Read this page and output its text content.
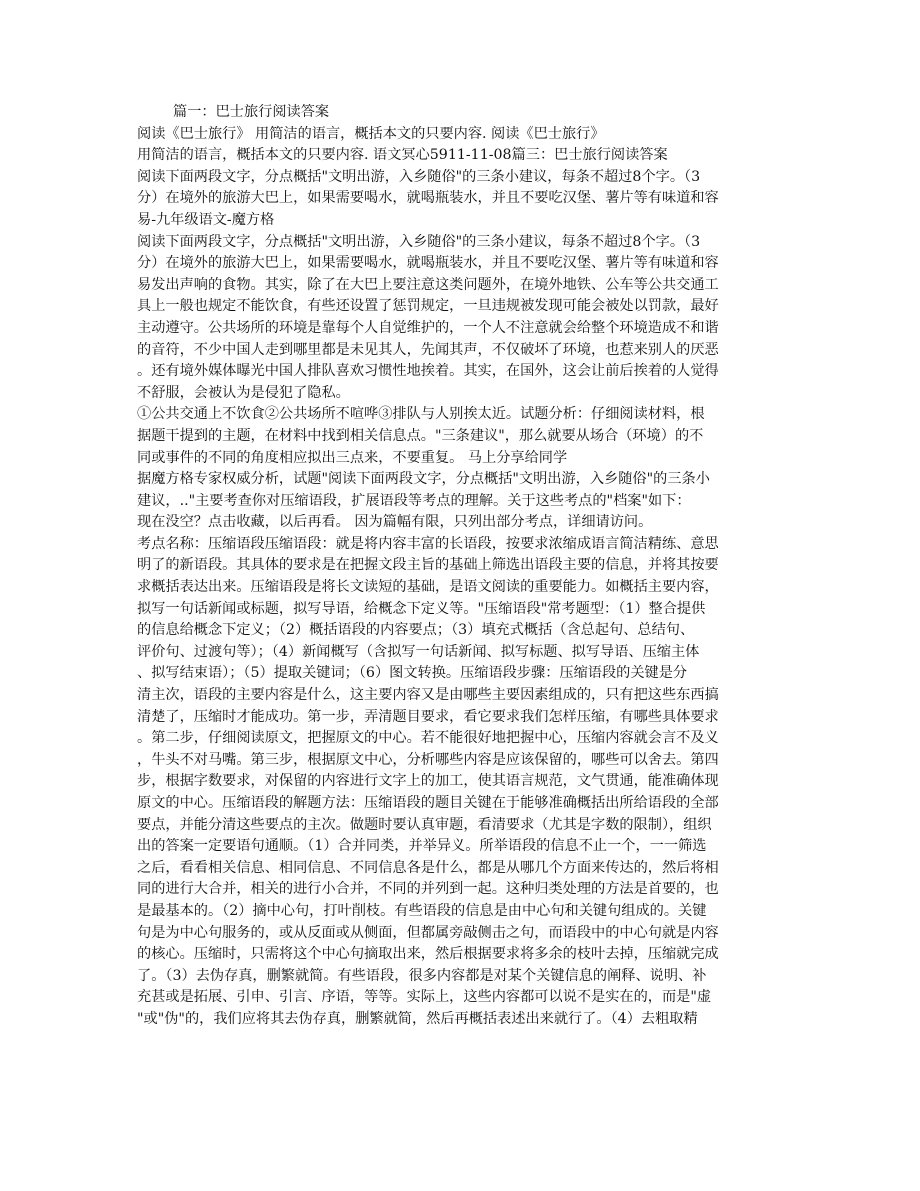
篇一：巴士旅行阅读答案
阅读《巴士旅行》 用简洁的语言，概括本文的只要内容. 阅读《巴士旅行》
用简洁的语言，概括本文的只要内容. 语文冥心5911-11-08篇三：巴士旅行阅读答案
阅读下面两段文字，分点概括"文明出游，入乡随俗"的三条小建议，每条不超过8个字。（3
分）在境外的旅游大巴上，如果需要喝水，就喝瓶装水，并且不要吃汉堡、薯片等有味道和容
易-九年级语文-魔方格
阅读下面两段文字，分点概括"文明出游，入乡随俗"的三条小建议，每条不超过8个字。（3
分）在境外的旅游大巴上，如果需要喝水，就喝瓶装水，并且不要吃汉堡、薯片等有味道和容
易发出声响的食物。其实，除了在大巴上要注意这类问题外，在境外地铁、公车等公共交通工
具上一般也规定不能饮食，有些还设置了惩罚规定，一旦违规被发现可能会被处以罚款，最好
主动遵守。公共场所的环境是靠每个人自觉维护的，一个人不注意就会给整个环境造成不和谐
的音符，不少中国人走到哪里都是未见其人，先闻其声，不仅破坏了环境，也惹来别人的厌恶
。还有境外媒体曝光中国人排队喜欢习惯性地挨着。其实，在国外，这会让前后挨着的人觉得
不舒服，会被认为是侵犯了隐私。
①公共交通上不饮食②公共场所不喧哗③排队与人别挨太近。试题分析：仔细阅读材料，根
据题干提到的主题，在材料中找到相关信息点。"三条建议"，那么就要从场合（环境）的不
同或事件的不同的角度相应拟出三点来，不要重复。 马上分享给同学
据魔方格专家权威分析，试题"阅读下面两段文字，分点概括"文明出游，入乡随俗"的三条小
建议，.."主要考查你对压缩语段，扩展语段等考点的理解。关于这些考点的"档案"如下：
现在没空？点击收藏，以后再看。 因为篇幅有限，只列出部分考点，详细请访问。
考点名称：压缩语段压缩语段：就是将内容丰富的长语段，按要求浓缩成语言简洁精练、意思
明了的新语段。其具体的要求是在把握文段主旨的基础上筛选出语段主要的信息，并将其按要
求概括表达出来。压缩语段是将长文读短的基础，是语文阅读的重要能力。如概括主要内容，
拟写一句话新闻或标题，拟写导语，给概念下定义等。"压缩语段"常考题型：（1）整合提供
的信息给概念下定义；（2）概括语段的内容要点；（3）填充式概括（含总起句、总结句、
评价句、过渡句等）；（4）新闻概写（含拟写一句话新闻、拟写标题、拟写导语、压缩主体
、拟写结束语）；（5）提取关键词；（6）图文转换。压缩语段步骤：压缩语段的关键是分
清主次，语段的主要内容是什么，这主要内容又是由哪些主要因素组成的，只有把这些东西搞
清楚了，压缩时才能成功。第一步，弄清题目要求，看它要求我们怎样压缩，有哪些具体要求
。第二步，仔细阅读原文，把握原文的中心。若不能很好地把握中心，压缩内容就会言不及义
，牛头不对马嘴。第三步，根据原文中心，分析哪些内容是应该保留的，哪些可以舍去。第四
步，根据字数要求，对保留的内容进行文字上的加工，使其语言规范，文气贯通，能准确体现
原文的中心。压缩语段的解题方法：压缩语段的题目关键在于能够准确概括出所给语段的全部
要点，并能分清这些要点的主次。做题时要认真审题，看清要求（尤其是字数的限制），组织
出的答案一定要语句通顺。（1）合并同类，并举异义。所举语段的信息不止一个，一一筛选
之后，看看相关信息、相同信息、不同信息各是什么，都是从哪几个方面来传达的，然后将相
同的进行大合并，相关的进行小合并，不同的并列到一起。这种归类处理的方法是首要的，也
是最基本的。（2）摘中心句，打叶削枝。有些语段的信息是由中心句和关键句组成的。关键
句是为中心句服务的，或从反面或从侧面，但都属旁敲侧击之句，而语段中的中心句就是内容
的核心。压缩时，只需将这个中心句摘取出来，然后根据要求将多余的枝叶去掉，压缩就完成
了。（3）去伪存真，删繁就简。有些语段，很多内容都是对某个关键信息的阐释、说明、补
充甚或是拓展、引申、引言、序语，等等。实际上，这些内容都可以说不是实在的，而是"虚
"或"伪"的，我们应将其去伪存真，删繁就简，然后再概括表述出来就行了。（4）去粗取精
